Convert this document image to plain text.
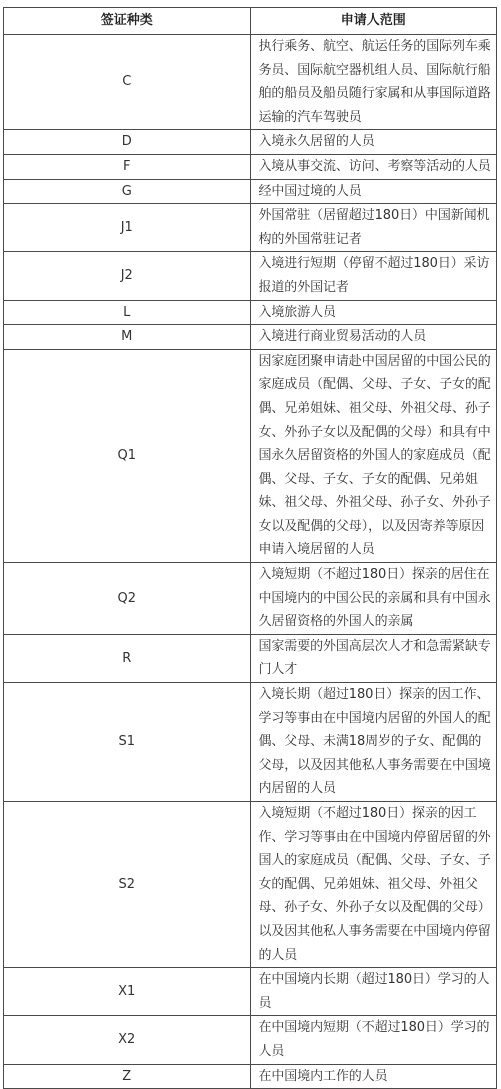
签证种类	申请人范围
C	执行乘务、航空、航运任务的国际列车乘务员、国际航空器机组人员、国际航行船舶的船员及船员随行家属和从事国际道路运输的汽车驾驶员
D	入境永久居留的人员
F	入境从事交流、访问、考察等活动的人员
G	经中国过境的人员
J1	外国常驻（居留超过180日）中国新闻机构的外国常驻记者
J2	入境进行短期（停留不超过180日）采访报道的外国记者
L	入境旅游人员
M	入境进行商业贸易活动的人员
Q1	因家庭团聚申请赴中国居留的中国公民的家庭成员（配偶、父母、子女、子女的配偶、兄弟姐妹、祖父母、外祖父母、孙子女、外孙子女以及配偶的父母）和具有中国永久居留资格的外国人的家庭成员（配偶、父母、子女、子女的配偶、兄弟姐妹、祖父母、外祖父母、孙子女、外孙子女以及配偶的父母），以及因寄养等原因申请入境居留的人员
Q2	入境短期（不超过180日）探亲的居住在中国境内的中国公民的亲属和具有中国永久居留资格的外国人的亲属
R	国家需要的外国高层次人才和急需紧缺专门人才
S1	入境长期（超过180日）探亲的因工作、学习等事由在中国境内居留的外国人的配偶、父母、未满18周岁的子女、配偶的父母，以及因其他私人事务需要在中国境内居留的人员
S2	入境短期（不超过180日）探亲的因工作、学习等事由在中国境内停留居留的外国人的家庭成员（配偶、父母、子女、子女的配偶、兄弟姐妹、祖父母、外祖父母、孙子女、外孙子女以及配偶的父母）以及因其他私人事务需要在中国境内停留的人员
X1	在中国境内长期（超过180日）学习的人员
X2	在中国境内短期（不超过180日）学习的人员
Z	在中国境内工作的人员
